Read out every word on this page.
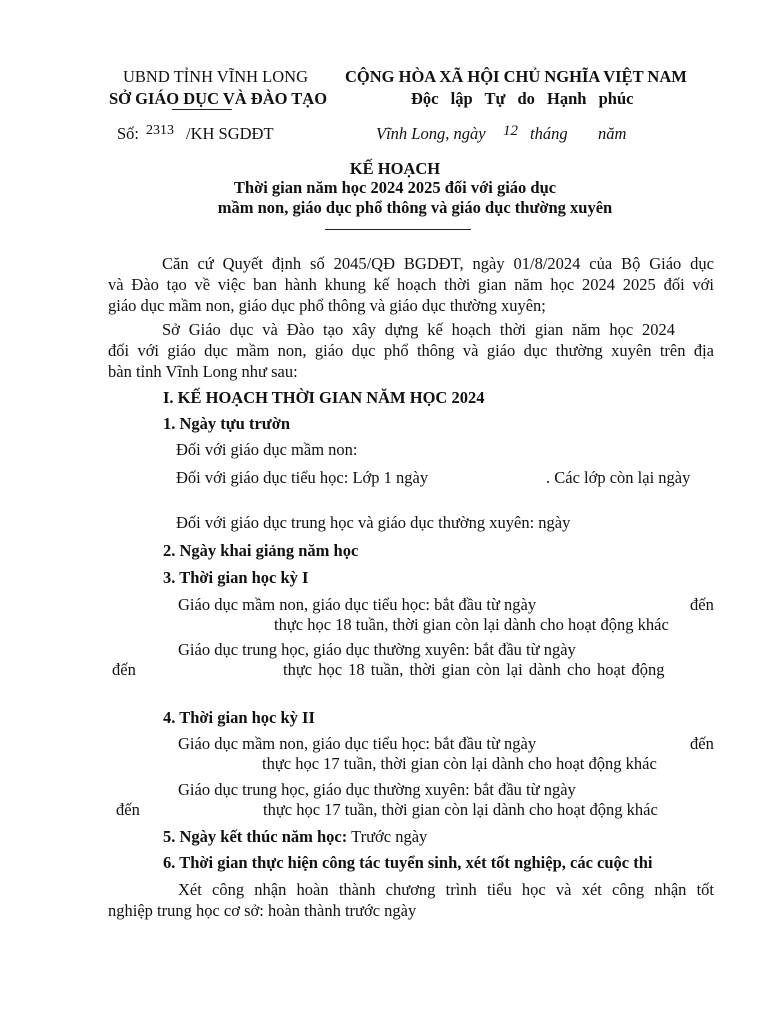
UBND TỈNH VĨNH LONG
SỞ GIÁO DỤC VÀ ĐÀO TẠO
CỘNG HÒA XÃ HỘI CHỦ NGHĨA VIỆT NAM
Độc lập Tự do Hạnh phúc
Số: 2313 /KH SGDĐT	Vĩnh Long, ngày 12 tháng năm
KẾ HOẠCH
Thời gian năm học 2024 2025 đối với giáo dục
mầm non, giáo dục phổ thông và giáo dục thường xuyên
Căn cứ Quyết định số 2045/QĐ BGDĐT, ngày 01/8/2024 của Bộ Giáo dục
và Đào tạo về việc ban hành khung kế hoạch thời gian năm học 2024 2025 đối với
giáo dục mầm non, giáo dục phổ thông và giáo dục thường xuyên;
Sở Giáo dục và Đào tạo xây dựng kế hoạch thời gian năm học 2024
đối với giáo dục mầm non, giáo dục phổ thông và giáo dục thường xuyên trên địa
bàn tỉnh Vĩnh Long như sau:
I. KẾ HOẠCH THỜI GIAN NĂM HỌC 2024
1. Ngày tựu trườn
Đối với giáo dục mầm non:
Đối với giáo dục tiểu học: Lớp 1 ngày	. Các lớp còn lại ngày
Đối với giáo dục trung học và giáo dục thường xuyên: ngày
2. Ngày khai giảng năm học
3. Thời gian học kỳ I
Giáo dục mầm non, giáo dục tiểu học: bắt đầu từ ngày	đến
thực học 18 tuần, thời gian còn lại dành cho hoạt động khác
Giáo dục trung học, giáo dục thường xuyên: bắt đầu từ ngày
đến	thực học 18 tuần, thời gian còn lại dành cho hoạt động
4. Thời gian học kỳ II
Giáo dục mầm non, giáo dục tiểu học: bắt đầu từ ngày	đến
thực học 17 tuần, thời gian còn lại dành cho hoạt động khác
Giáo dục trung học, giáo dục thường xuyên: bắt đầu từ ngày
đến	thực học 17 tuần, thời gian còn lại dành cho hoạt động khác
5. Ngày kết thúc năm học: Trước ngày
6. Thời gian thực hiện công tác tuyển sinh, xét tốt nghiệp, các cuộc thi
Xét công nhận hoàn thành chương trình tiểu học và xét công nhận tốt
nghiệp trung học cơ sở: hoàn thành trước ngày
